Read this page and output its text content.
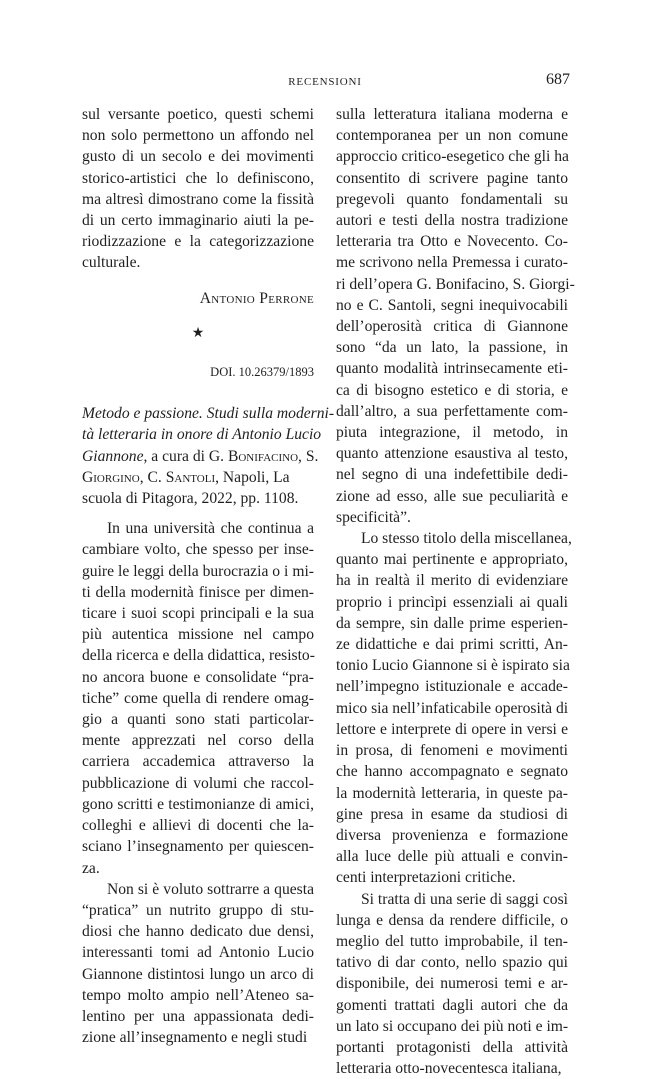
RECENSIONI	687
sul versante poetico, questi schemi
non solo permettono un affondo nel
gusto di un secolo e dei movimenti
storico-artistici che lo definiscono,
ma altresì dimostrano come la fissità
di un certo immaginario aiuti la pe-
riodizzazione e la categorizzazione
culturale.
Antonio Perrone
★
DOI. 10.26379/1893
Metodo e passione. Studi sulla moderni-
tà letteraria in onore di Antonio Lucio
Giannone, a cura di G. Bonifacino, S.
Giorgino, C. Santoli, Napoli, La
scuola di Pitagora, 2022, pp. 1108.
In una università che continua a
cambiare volto, che spesso per inse-
guire le leggi della burocrazia o i mi-
ti della modernità finisce per dimen-
ticare i suoi scopi principali e la sua
più autentica missione nel campo
della ricerca e della didattica, resisto-
no ancora buone e consolidate “pra-
tiche” come quella di rendere omag-
gio a quanti sono stati particolar-
mente apprezzati nel corso della
carriera accademica attraverso la
pubblicazione di volumi che raccol-
gono scritti e testimonianze di amici,
colleghi e allievi di docenti che la-
sciano l’insegnamento per quiescen-
za.
Non si è voluto sottrarre a questa
“pratica” un nutrito gruppo di stu-
diosi che hanno dedicato due densi,
interessanti tomi ad Antonio Lucio
Giannone distintosi lungo un arco di
tempo molto ampio nell’Ateneo sa-
lentino per una appassionata dedi-
zione all’insegnamento e negli studi
sulla letteratura italiana moderna e
contemporanea per un non comune
approccio critico-esegetico che gli ha
consentito di scrivere pagine tanto
pregevoli quanto fondamentali su
autori e testi della nostra tradizione
letteraria tra Otto e Novecento. Co-
me scrivono nella Premessa i curato-
ri dell’opera G. Bonifacino, S. Giorgi-
no e C. Santoli, segni inequivocabili
dell’operosità critica di Giannone
sono “da un lato, la passione, in
quanto modalità intrinsecamente eti-
ca di bisogno estetico e di storia, e
dall’altro, a sua perfettamente com-
piuta integrazione, il metodo, in
quanto attenzione esaustiva al testo,
nel segno di una indefettibile dedi-
zione ad esso, alle sue peculiarità e
specificità”.
Lo stesso titolo della miscellanea,
quanto mai pertinente e appropriato,
ha in realtà il merito di evidenziare
proprio i princìpi essenziali ai quali
da sempre, sin dalle prime esperien-
ze didattiche e dai primi scritti, An-
tonio Lucio Giannone si è ispirato sia
nell’impegno istituzionale e accade-
mico sia nell’infaticabile operosità di
lettore e interprete di opere in versi e
in prosa, di fenomeni e movimenti
che hanno accompagnato e segnato
la modernità letteraria, in queste pa-
gine presa in esame da studiosi di
diversa provenienza e formazione
alla luce delle più attuali e convin-
centi interpretazioni critiche.
Si tratta di una serie di saggi così
lunga e densa da rendere difficile, o
meglio del tutto improbabile, il ten-
tativo di dar conto, nello spazio qui
disponibile, dei numerosi temi e ar-
gomenti trattati dagli autori che da
un lato si occupano dei più noti e im-
portanti protagonisti della attività
letteraria otto-novecentesca italiana,
